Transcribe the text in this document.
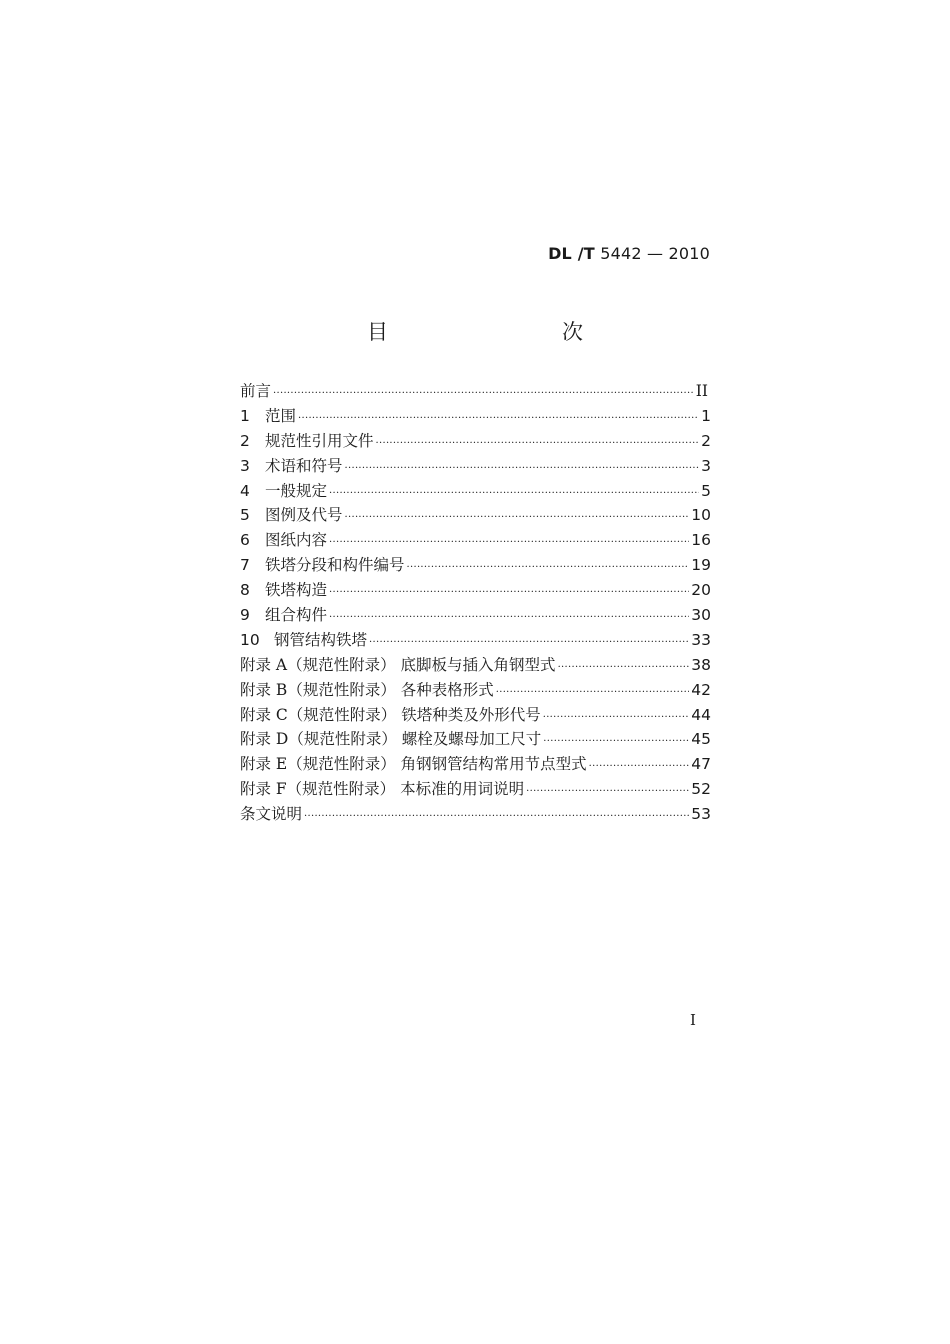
DL /T 5442 — 2010
目　　次
前言 ·····	II
1 范围 ·····	1
2 规范性引用文件 ·····	2
3 术语和符号 ·····	3
4 一般规定 ·····	5
5 图例及代号 ·····	10
6 图纸内容 ·····	16
7 铁塔分段和构件编号 ·····	19
8 铁塔构造 ·····	20
9 组合构件 ·····	30
10 钢管结构铁塔 ·····	33
附录 A（规范性附录） 底脚板与插入角钢型式 ·····	38
附录 B（规范性附录） 各种表格形式 ·····	42
附录 C（规范性附录） 铁塔种类及外形代号 ·····	44
附录 D（规范性附录） 螺栓及螺母加工尺寸 ·····	45
附录 E（规范性附录） 角钢钢管结构常用节点型式 ·····	47
附录 F（规范性附录） 本标准的用词说明 ·····	52
条文说明 ·····	53
I
